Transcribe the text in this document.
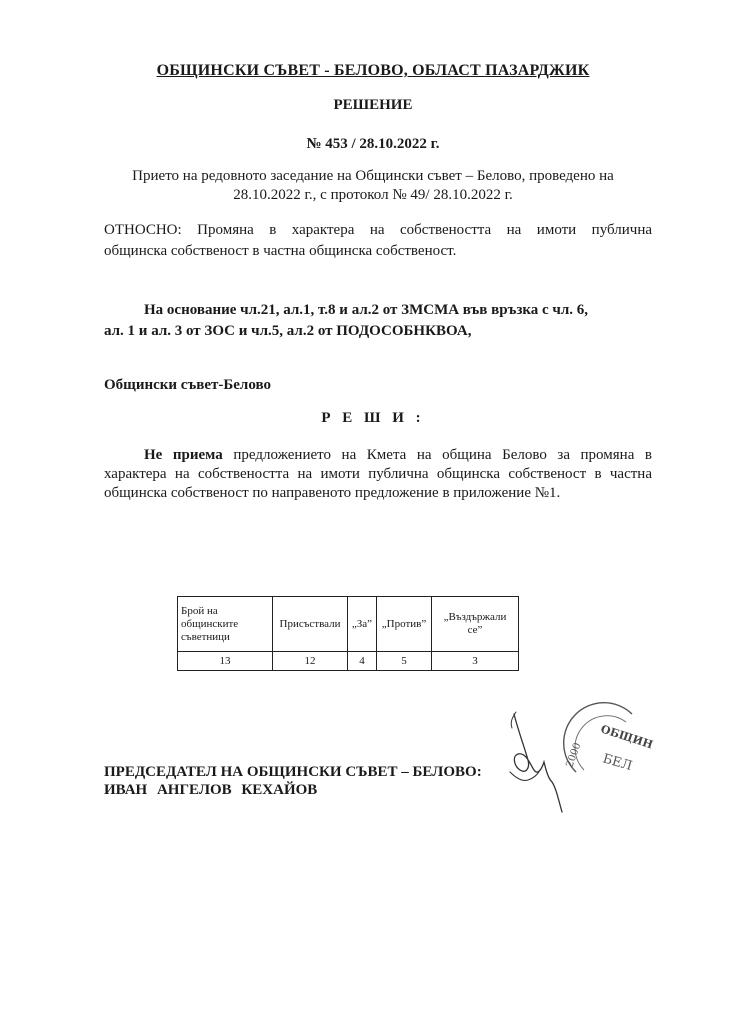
ОБЩИНСКИ СЪВЕТ - БЕЛОВО, ОБЛАСТ ПАЗАРДЖИК
РЕШЕНИЕ
№ 453 / 28.10.2022 г.
Прието на редовното заседание на Общински съвет – Белово, проведено на
28.10.2022 г., с протокол № 49/ 28.10.2022 г.
ОТНОСНО: Промяна в характера на собствеността на имоти публична
общинска собственост в частна общинска собственост.
На основание чл.21, ал.1, т.8 и ал.2 от ЗМСМА във връзка с чл. 6,
ал. 1 и ал. 3 от ЗОС и чл.5, ал.2 от ПОДОСОБНКВОА,
Общински съвет-Белово
Р Е Ш И :
Не приема предложението на Кмета на община Белово за промяна в
характера на собствеността на имоти публична общинска собственост в частна
общинска собственост по направеното предложение в приложение №1.
Брой на общинските съветници	Присъствали	„За”	„Против”	„Въздържали се”
13	12	4	5	3
ПРЕДСЕДАТЕЛ НА ОБЩИНСКИ СЪВЕТ – БЕЛОВО:
ИВАН АНГЕЛОВ КЕХАЙОВ
ОБЩИН
БЕЛ
2000
